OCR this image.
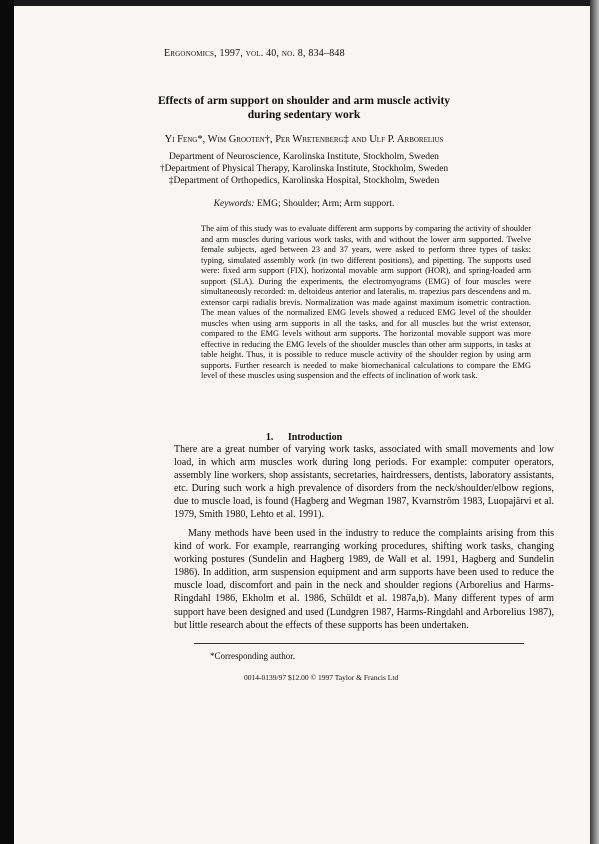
Ergonomics, 1997, vol. 40, no. 8, 834–848
Effects of arm support on shoulder and arm muscle activity
during sedentary work
Yi Feng*, Wim Grooten†, Per Wretenberg‡ and Ulf P. Arborelius
Department of Neuroscience, Karolinska Institute, Stockholm, Sweden
†Department of Physical Therapy, Karolinska Institute, Stockholm, Sweden
‡Department of Orthopedics, Karolinska Hospital, Stockholm, Sweden
Keywords: EMG; Shoulder; Arm; Arm support.
The aim of this study was to evaluate different arm supports by comparing the activity of shoulder and arm muscles during various work tasks, with and without the lower arm supported. Twelve female subjects, aged between 23 and 37 years, were asked to perform three types of tasks: typing, simulated assembly work (in two different positions), and pipetting. The supports used were: fixed arm support (FIX), horizontal movable arm support (HOR), and spring-loaded arm support (SLA). During the experiments, the electromyograms (EMG) of four muscles were simultaneously recorded: m. deltoideus anterior and lateralis, m. trapezius pars descendens and m. extensor carpi radialis brevis. Normalization was made against maximum isometric contraction. The mean values of the normalized EMG levels showed a reduced EMG level of the shoulder muscles when using arm supports in all the tasks, and for all muscles but the wrist extensor, compared to the EMG levels without arm supports. The horizontal movable support was more effective in reducing the EMG levels of the shoulder muscles than other arm supports, in tasks at table height. Thus, it is possible to reduce muscle activity of the shoulder region by using arm supports. Further research is needed to make biomechanical calculations to compare the EMG level of these muscles using suspension and the effects of inclination of work task.
1. Introduction
There are a great number of varying work tasks, associated with small movements and low load, in which arm muscles work during long periods. For example: computer operators, assembly line workers, shop assistants, secretaries, hairdressers, dentists, laboratory assistants, etc. During such work a high prevalence of disorders from the neck/shoulder/elbow regions, due to muscle load, is found (Hagberg and Wegman 1987, Kvarnström 1983, Luopajärvi et al. 1979, Smith 1980, Lehto et al. 1991).
Many methods have been used in the industry to reduce the complaints arising from this kind of work. For example, rearranging working procedures, shifting work tasks, changing working postures (Sundelin and Hagberg 1989, de Wall et al. 1991, Hagberg and Sundelin 1986). In addition, arm suspension equipment and arm supports have been used to reduce the muscle load, discomfort and pain in the neck and shoulder regions (Arborelius and Harms-Ringdahl 1986, Ekholm et al. 1986, Schüldt et al. 1987a,b). Many different types of arm support have been designed and used (Lundgren 1987, Harms-Ringdahl and Arborelius 1987), but little research about the effects of these supports has been undertaken.
*Corresponding author.
0014-0139/97 $12.00 © 1997 Taylor & Francis Ltd
